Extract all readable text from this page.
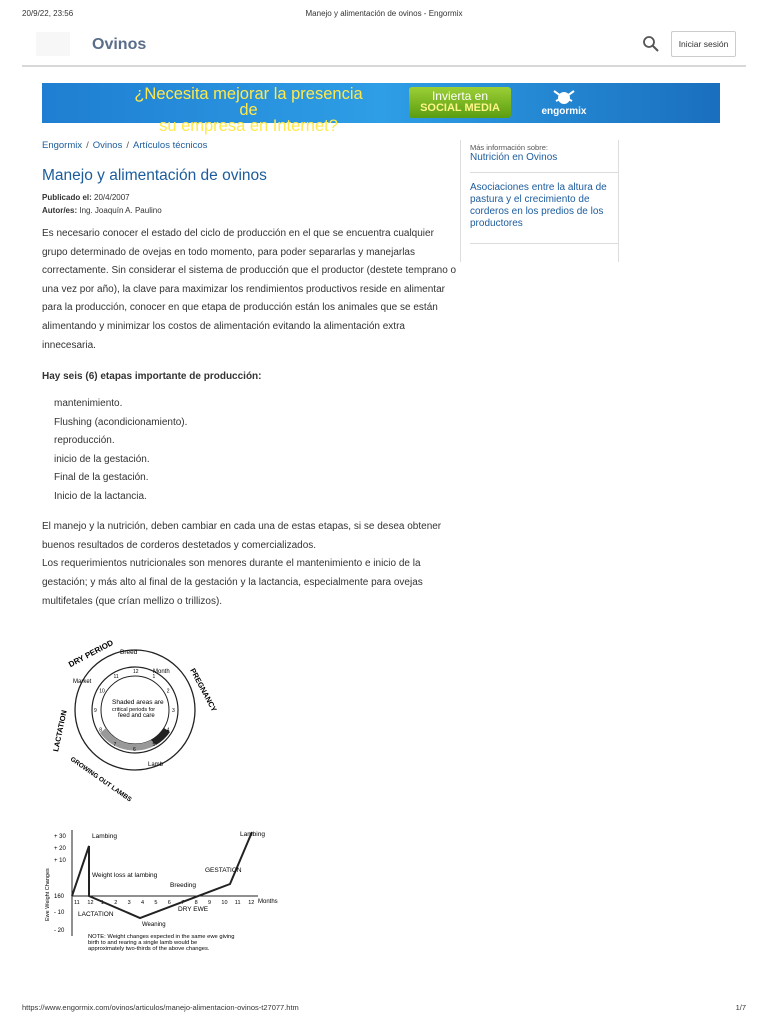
20/9/22, 23:56	Manejo y alimentación de ovinos - Engormix
Ovinos	Iniciar sesión
¿Necesita mejorar la presencia de
su empresa en Internet?
Invierta en
SOCIAL MEDIA	engormix
Engormix / Ovinos / Artículos técnicos
Manejo y alimentación de ovinos
Publicado el: 20/4/2007
Autor/es: Ing. Joaquín A. Paulino

Es necesario conocer el estado del ciclo de producción en el que se encuentra cualquier grupo determinado de ovejas en todo momento, para poder separarlas y manejarlas correctamente. Sin considerar el sistema de producción que el productor (destete temprano o una vez por año), la clave para maximizar los rendimientos productivos reside en alimentar para la producción, conocer en que etapa de producción están los animales que se están alimentando y minimizar los costos de alimentación evitando la alimentación extra innecesaria.

Hay seis (6) etapas importante de producción:
mantenimiento.
Flushing (acondicionamiento).
reproducción.
inicio de la gestación.
Final de la gestación.
Inicio de la lactancia.

El manejo y la nutrición, deben cambiar en cada una de estas etapas, si se desea obtener buenos resultados de corderos destetados y comercializados.

Los requerimientos nutricionales son menores durante el mantenimiento e inicio de la gestación; y más alto al final de la gestación y la lactancia, especialmente para ovejas multifetales (que crían mellizo o trillizos).

Más información sobre:
Nutrición en Ovinos
Asociaciones entre la altura de pastura y el crecimiento de corderos en los predios de los productores
DRY PERIOD Breed
Month
Market	PREGNANCY
LACTATION
GROWING OUT LAMBS	Lamb
Shaded areas are
critical periods for
feed and care
12
1
2
3
4
5
6
7
8
9
10
11
Ewe Weight Changes
+ 30
+ 20
+ 10
160
- 10
- 20
11 12 1 2 3 4 5 6 7 8 9 10 11 12 Months
Lambing	Lambing
Weight loss at lambing
GESTATION
Breeding
DRY EWE
LACTATION
Weaning
NOTE: Weight changes expected in the same ewe giving
birth to and rearing a single lamb would be
approximately two-thirds of the above changes.
https://www.engormix.com/ovinos/articulos/manejo-alimentacion-ovinos-t27077.htm	1/7
